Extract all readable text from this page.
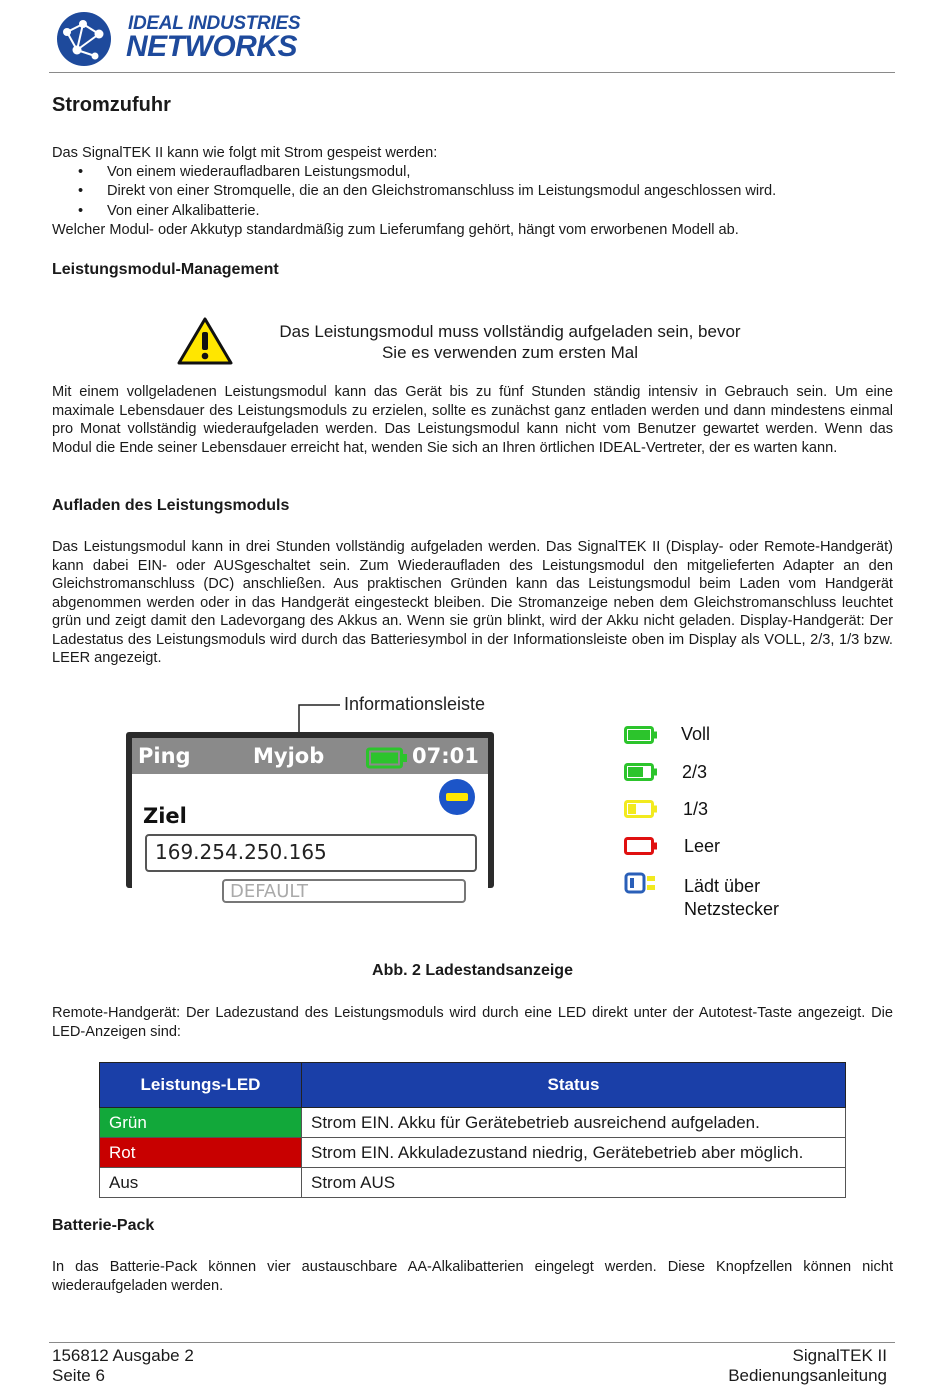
IDEAL INDUSTRIES
NETWORKS
Stromzufuhr
Das SignalTEK II kann wie folgt mit Strom gespeist werden:
• Von einem wiederaufladbaren Leistungsmodul,
• Direkt von einer Stromquelle, die an den Gleichstromanschluss im Leistungsmodul angeschlossen wird.
• Von einer Alkalibatterie.
Welcher Modul- oder Akkutyp standardmäßig zum Lieferumfang gehört, hängt vom erworbenen Modell ab.
Leistungsmodul-Management
Das Leistungsmodul muss vollständig aufgeladen sein, bevor
Sie es verwenden zum ersten Mal
Mit einem vollgeladenen Leistungsmodul kann das Gerät bis zu fünf Stunden ständig intensiv in Gebrauch sein. Um eine maximale Lebensdauer des Leistungsmoduls zu erzielen, sollte es zunächst ganz entladen werden und dann mindestens einmal pro Monat vollständig wiederaufgeladen werden. Das Leistungsmodul kann nicht vom Benutzer gewartet werden. Wenn das Modul die Ende seiner Lebensdauer erreicht hat, wenden Sie sich an Ihren örtlichen IDEAL-Vertreter, der es warten kann.
Aufladen des Leistungsmoduls
Das Leistungsmodul kann in drei Stunden vollständig aufgeladen werden. Das SignalTEK II (Display- oder Remote-Handgerät) kann dabei EIN- oder AUSgeschaltet sein. Zum Wiederaufladen des Leistungsmodul den mitgelieferten Adapter an den Gleichstromanschluss (DC) anschließen. Aus praktischen Gründen kann das Leistungsmodul beim Laden vom Handgerät abgenommen werden oder in das Handgerät eingesteckt bleiben. Die Stromanzeige neben dem Gleichstromanschluss leuchtet grün und zeigt damit den Ladevorgang des Akkus an. Wenn sie grün blinkt, wird der Akku nicht geladen. Display-Handgerät: Der Ladestatus des Leistungsmoduls wird durch das Batteriesymbol in der Informationsleiste oben im Display als VOLL, 2/3, 1/3 bzw. LEER angezeigt.
Informationsleiste
Ping	Myjob	07:01
Ziel
169.254.250.165
DEFAULT
Voll
2/3
1/3
Leer
Lädt über
Netzstecker
Abb. 2 Ladestandsanzeige
Remote-Handgerät: Der Ladezustand des Leistungsmoduls wird durch eine LED direkt unter der Autotest-Taste angezeigt. Die LED-Anzeigen sind:
Leistungs-LED	Status
Grün	Strom EIN. Akku für Gerätebetrieb ausreichend aufgeladen.
Rot	Strom EIN. Akkuladezustand niedrig, Gerätebetrieb aber möglich.
Aus	Strom AUS
Batterie-Pack
In das Batterie-Pack können vier austauschbare AA-Alkalibatterien eingelegt werden. Diese Knopfzellen können nicht wiederaufgeladen werden.
156812 Ausgabe 2
Seite 6
SignalTEK II
Bedienungsanleitung
